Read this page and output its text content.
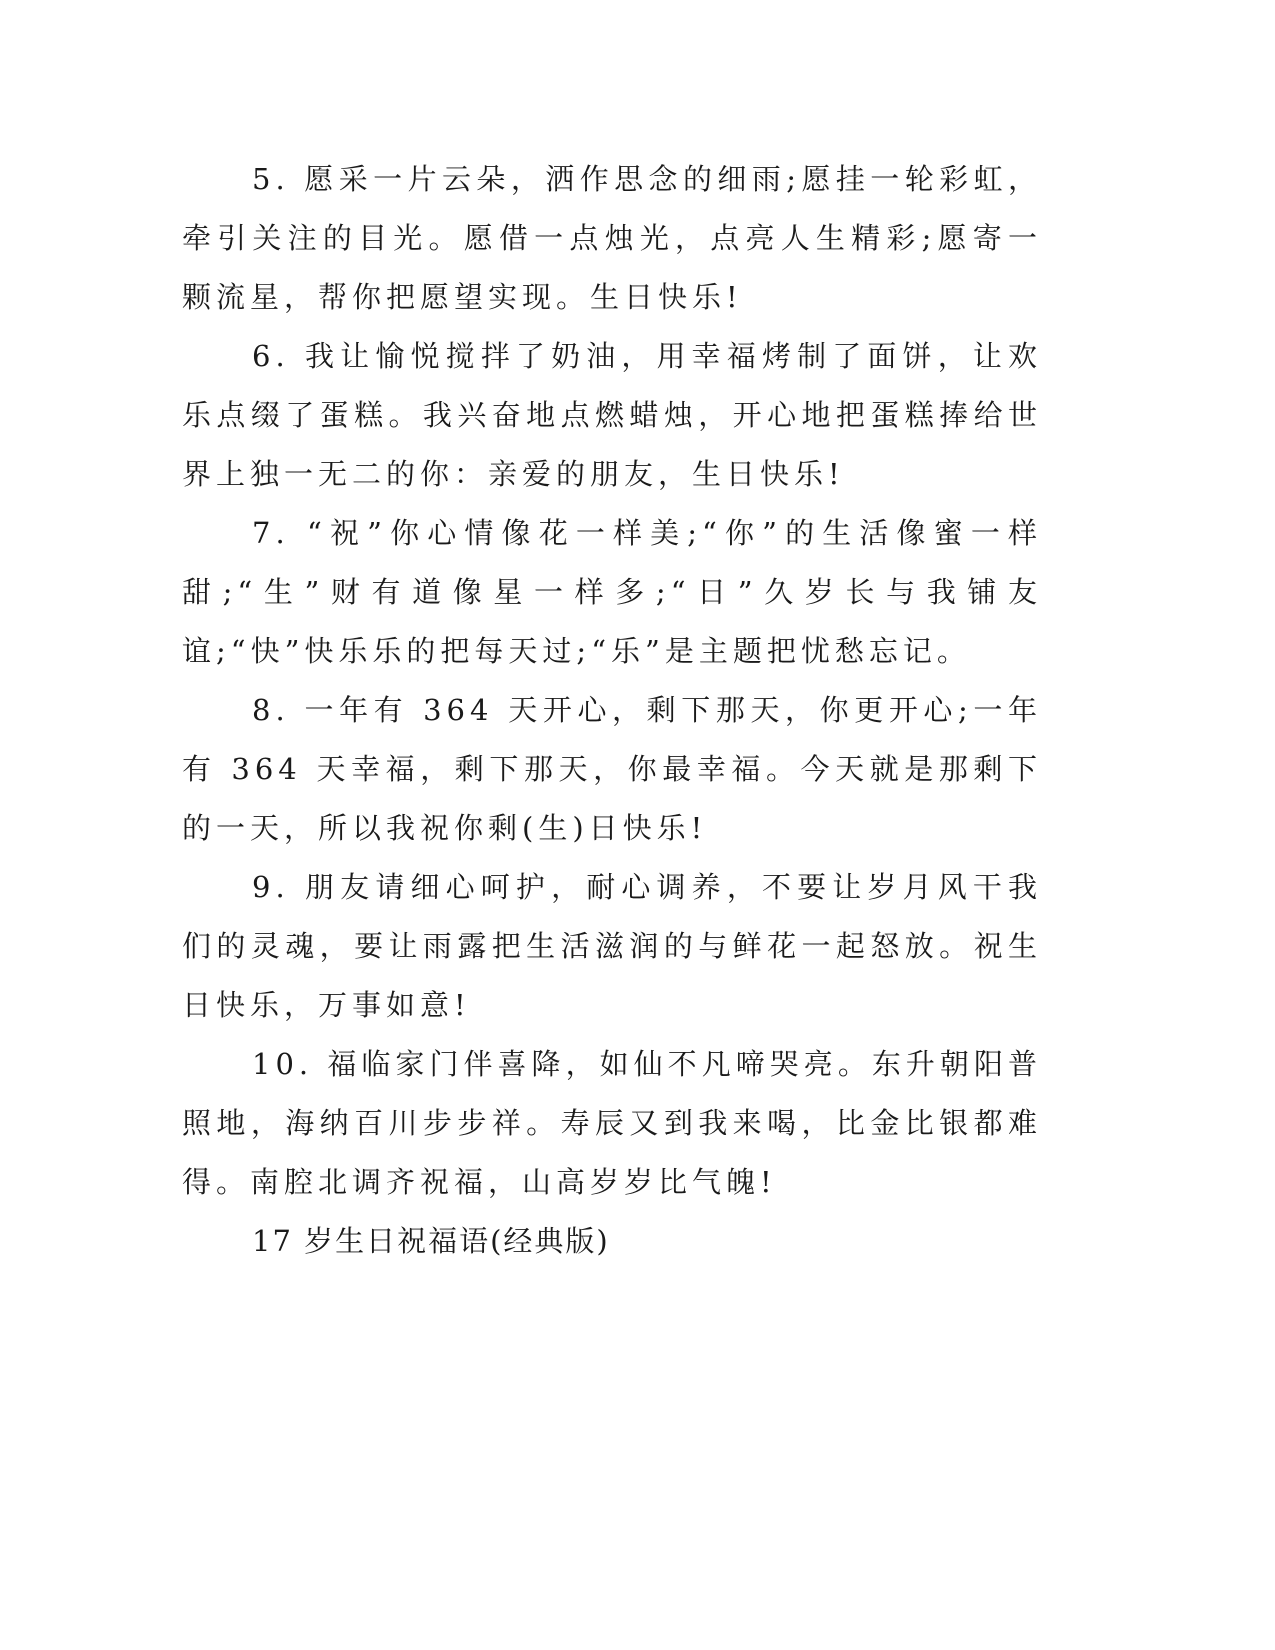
5. 愿采一片云朵，洒作思念的细雨;愿挂一轮彩虹，牵引关注的目光。愿借一点烛光，点亮人生精彩;愿寄一颗流星，帮你把愿望实现。生日快乐!

6. 我让愉悦搅拌了奶油，用幸福烤制了面饼，让欢乐点缀了蛋糕。我兴奋地点燃蜡烛，开心地把蛋糕捧给世界上独一无二的你：亲爱的朋友，生日快乐!

7. “祝”你心情像花一样美;“你”的生活像蜜一样甜;“生”财有道像星一样多;“日”久岁长与我铺友谊;“快”快乐乐的把每天过;“乐”是主题把忧愁忘记。

8. 一年有 364 天开心，剩下那天，你更开心;一年有 364 天幸福，剩下那天，你最幸福。今天就是那剩下的一天，所以我祝你剩(生)日快乐!

9. 朋友请细心呵护，耐心调养，不要让岁月风干我们的灵魂，要让雨露把生活滋润的与鲜花一起怒放。祝生日快乐，万事如意!

10. 福临家门伴喜降，如仙不凡啼哭亮。东升朝阳普照地，海纳百川步步祥。寿辰又到我来喝，比金比银都难得。南腔北调齐祝福，山高岁岁比气魄!

17 岁生日祝福语(经典版)
